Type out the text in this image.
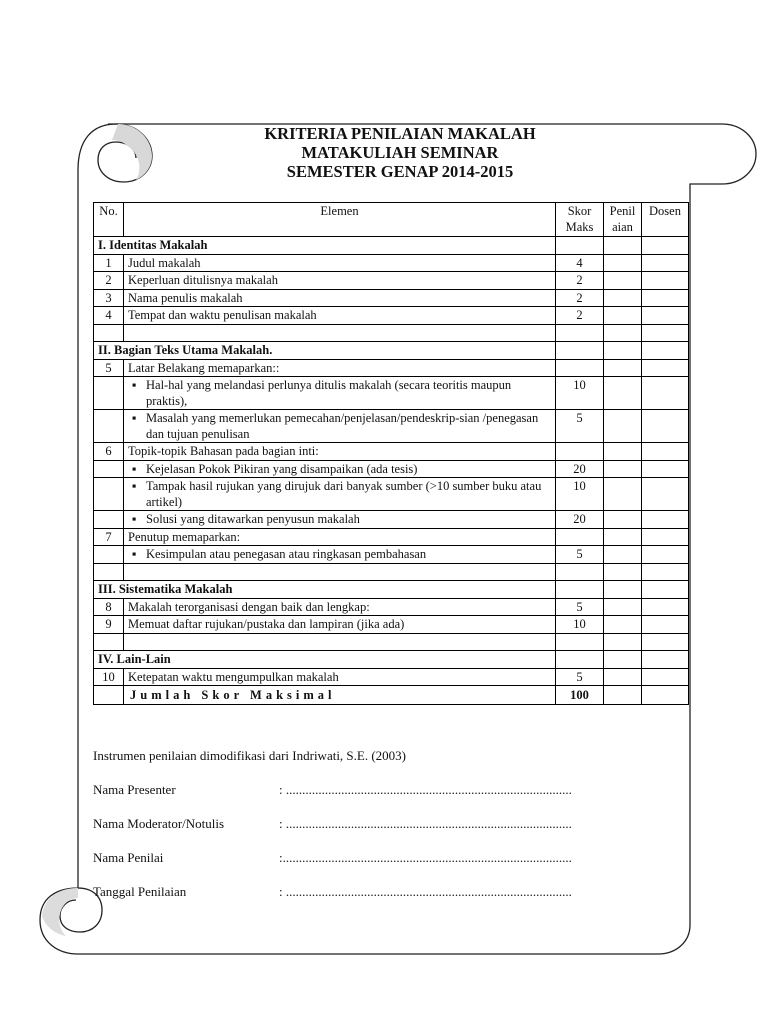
KRITERIA PENILAIAN MAKALAH
MATAKULIAH SEMINAR
SEMESTER GENAP 2014-2015
No.	Elemen	Skor Maks	Penil aian	Dosen
I. Identitas Makalah				
1	Judul makalah	4		
2	Keperluan ditulisnya makalah	2		
3	Nama penulis makalah	2		
4	Tempat dan waktu penulisan makalah	2		

II. Bagian Teks Utama Makalah.				
5	Latar Belakang memaparkan::			

	▪ Hal-hal yang melandasi perlunya ditulis makalah (secara teoritis maupun praktis),	10		

	▪ Masalah yang memerlukan pemecahan/penjelasan/pendeskrip-sian /penegasan dan tujuan penulisan	5		
6	Topik-topik Bahasan pada bagian inti:			

	▪ Kejelasan Pokok Pikiran yang disampaikan (ada tesis)	20		

	▪ Tampak hasil rujukan yang dirujuk dari banyak sumber (>10 sumber buku atau artikel)	10		

	▪ Solusi yang ditawarkan penyusun makalah	20		
7	Penutup memaparkan:			

	▪ Kesimpulan atau penegasan atau ringkasan pembahasan	5		

III. Sistematika Makalah				
8	Makalah terorganisasi dengan baik dan lengkap:	5		
9	Memuat daftar rujukan/pustaka dan lampiran (jika ada)	10		

IV. Lain-Lain				
10	Ketepatan waktu mengumpulkan makalah	5		
	Jumlah Skor Maksimal	100		
Instrumen penilaian dimodifikasi dari Indriwati, S.E. (2003)
Nama Presenter	: ........................................................................................
Nama Moderator/Notulis	: ........................................................................................
Nama Penilai	:.........................................................................................
Tanggal Penilaian	: ........................................................................................
